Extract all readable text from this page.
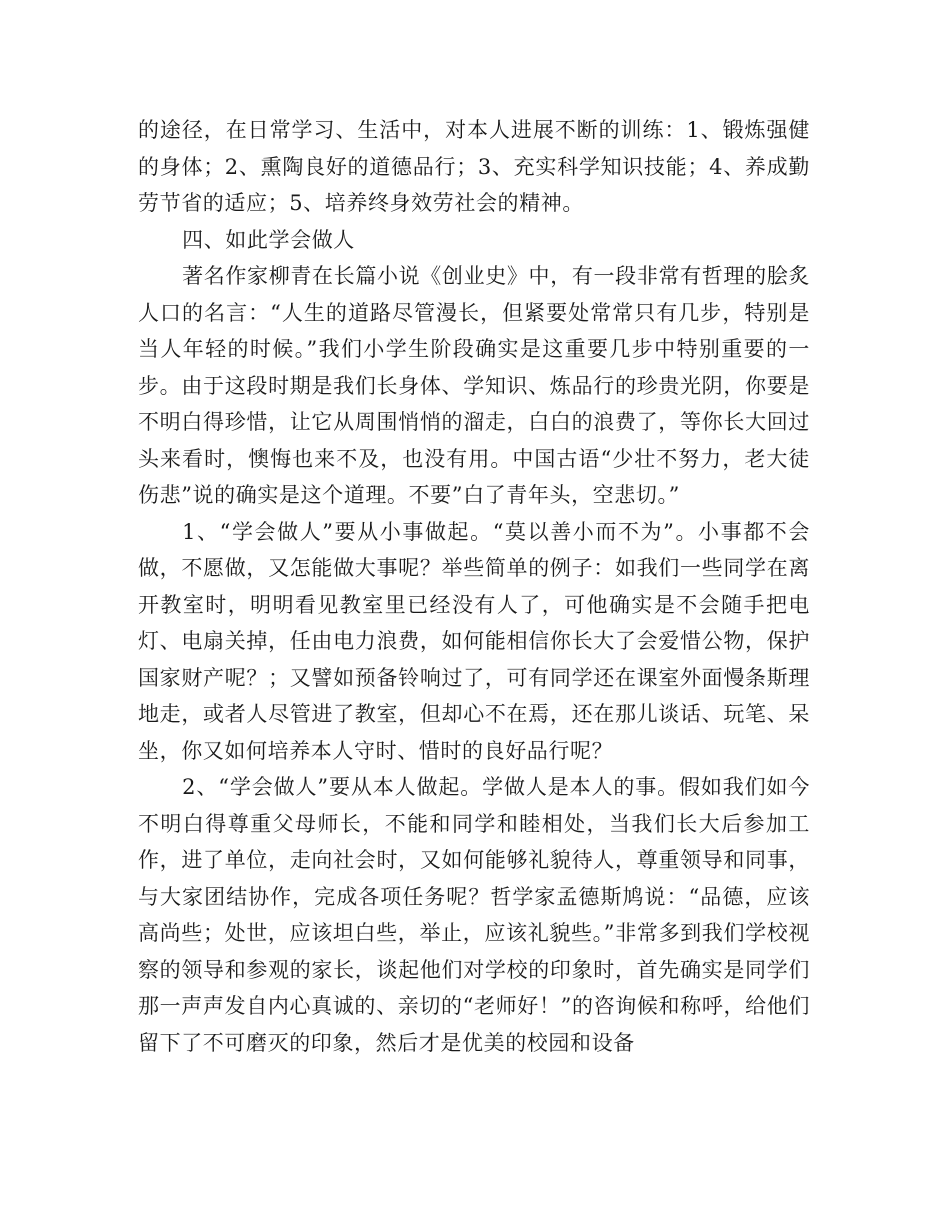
的途径，在日常学习、生活中，对本人进展不断的训练：1、锻炼强健的身体；2、熏陶良好的道德品行；3、充实科学知识技能；4、养成勤劳节省的适应；5、培养终身效劳社会的精神。

四、如此学会做人

著名作家柳青在长篇小说《创业史》中，有一段非常有哲理的脍炙人口的名言：“人生的道路尽管漫长，但紧要处常常只有几步，特别是当人年轻的时候。”我们小学生阶段确实是这重要几步中特别重要的一步。由于这段时期是我们长身体、学知识、炼品行的珍贵光阴，你要是不明白得珍惜，让它从周围悄悄的溜走，白白的浪费了，等你长大回过头来看时，懊悔也来不及，也没有用。中国古语“少壮不努力，老大徒伤悲”说的确实是这个道理。不要”白了青年头，空悲切。”

1、“学会做人”要从小事做起。“莫以善小而不为”。小事都不会做，不愿做，又怎能做大事呢？举些简单的例子：如我们一些同学在离开教室时，明明看见教室里已经没有人了，可他确实是不会随手把电灯、电扇关掉，任由电力浪费，如何能相信你长大了会爱惜公物，保护国家财产呢？；又譬如预备铃响过了，可有同学还在课室外面慢条斯理地走，或者人尽管进了教室，但却心不在焉，还在那儿谈话、玩笔、呆坐，你又如何培养本人守时、惜时的良好品行呢？

2、“学会做人”要从本人做起。学做人是本人的事。假如我们如今不明白得尊重父母师长，不能和同学和睦相处，当我们长大后参加工作，进了单位，走向社会时，又如何能够礼貌待人，尊重领导和同事，与大家团结协作，完成各项任务呢？哲学家孟德斯鸠说：“品德，应该高尚些；处世，应该坦白些，举止，应该礼貌些。”非常多到我们学校视察的领导和参观的家长，谈起他们对学校的印象时，首先确实是同学们那一声声发自内心真诚的、亲切的“老师好！”的咨询候和称呼，给他们留下了不可磨灭的印象，然后才是优美的校园和设备
